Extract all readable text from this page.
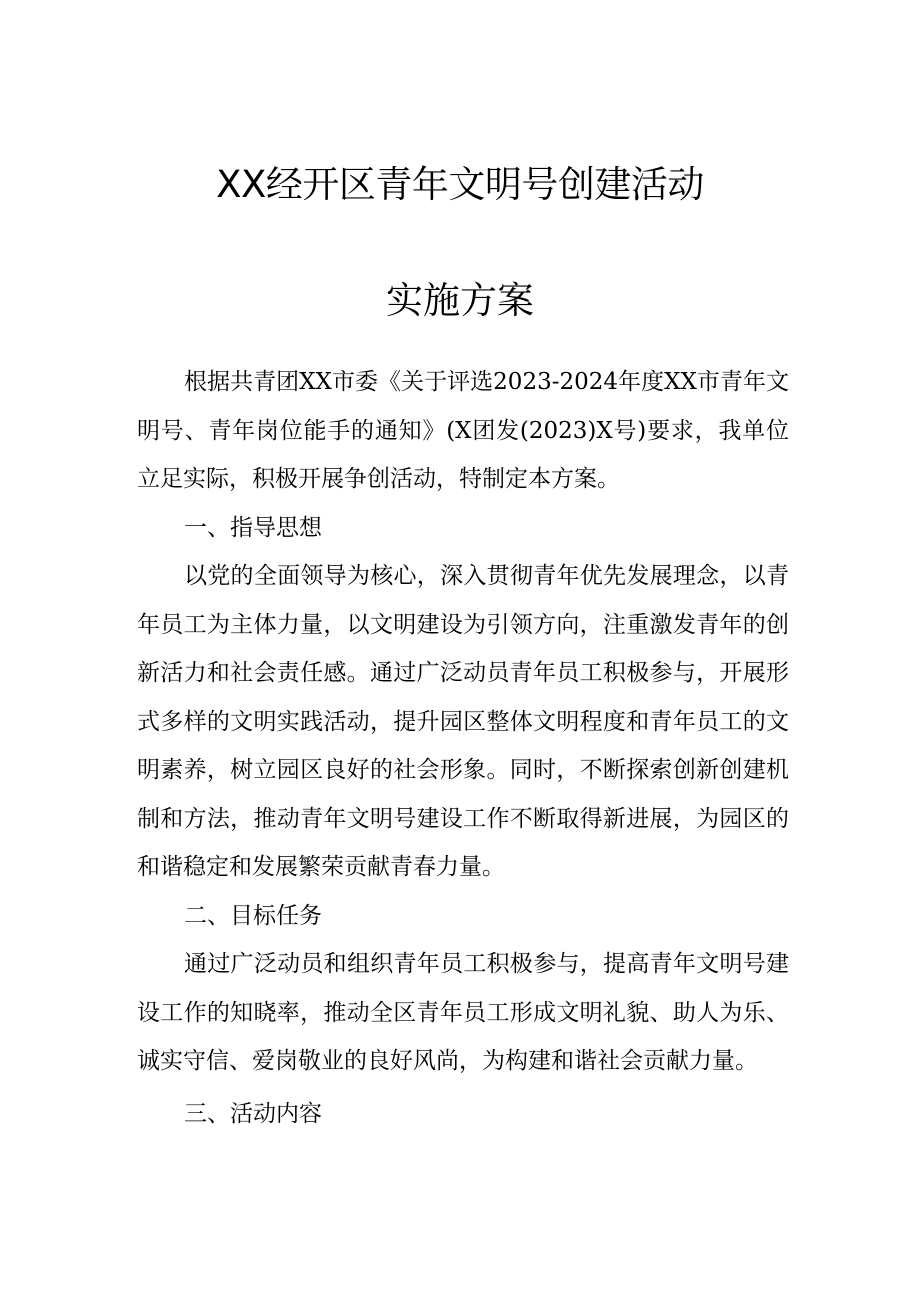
XX经开区青年文明号创建活动
实施方案

根据共青团XX市委《关于评选2023-2024年度XX市青年文明号、青年岗位能手的通知》(X团发(2023)X号)要求，我单位立足实际，积极开展争创活动，特制定本方案。

一、指导思想

以党的全面领导为核心，深入贯彻青年优先发展理念，以青年员工为主体力量，以文明建设为引领方向，注重激发青年的创新活力和社会责任感。通过广泛动员青年员工积极参与，开展形式多样的文明实践活动，提升园区整体文明程度和青年员工的文明素养，树立园区良好的社会形象。同时，不断探索创新创建机制和方法，推动青年文明号建设工作不断取得新进展，为园区的和谐稳定和发展繁荣贡献青春力量。

二、目标任务

通过广泛动员和组织青年员工积极参与，提高青年文明号建设工作的知晓率，推动全区青年员工形成文明礼貌、助人为乐、诚实守信、爱岗敬业的良好风尚，为构建和谐社会贡献力量。

三、活动内容
